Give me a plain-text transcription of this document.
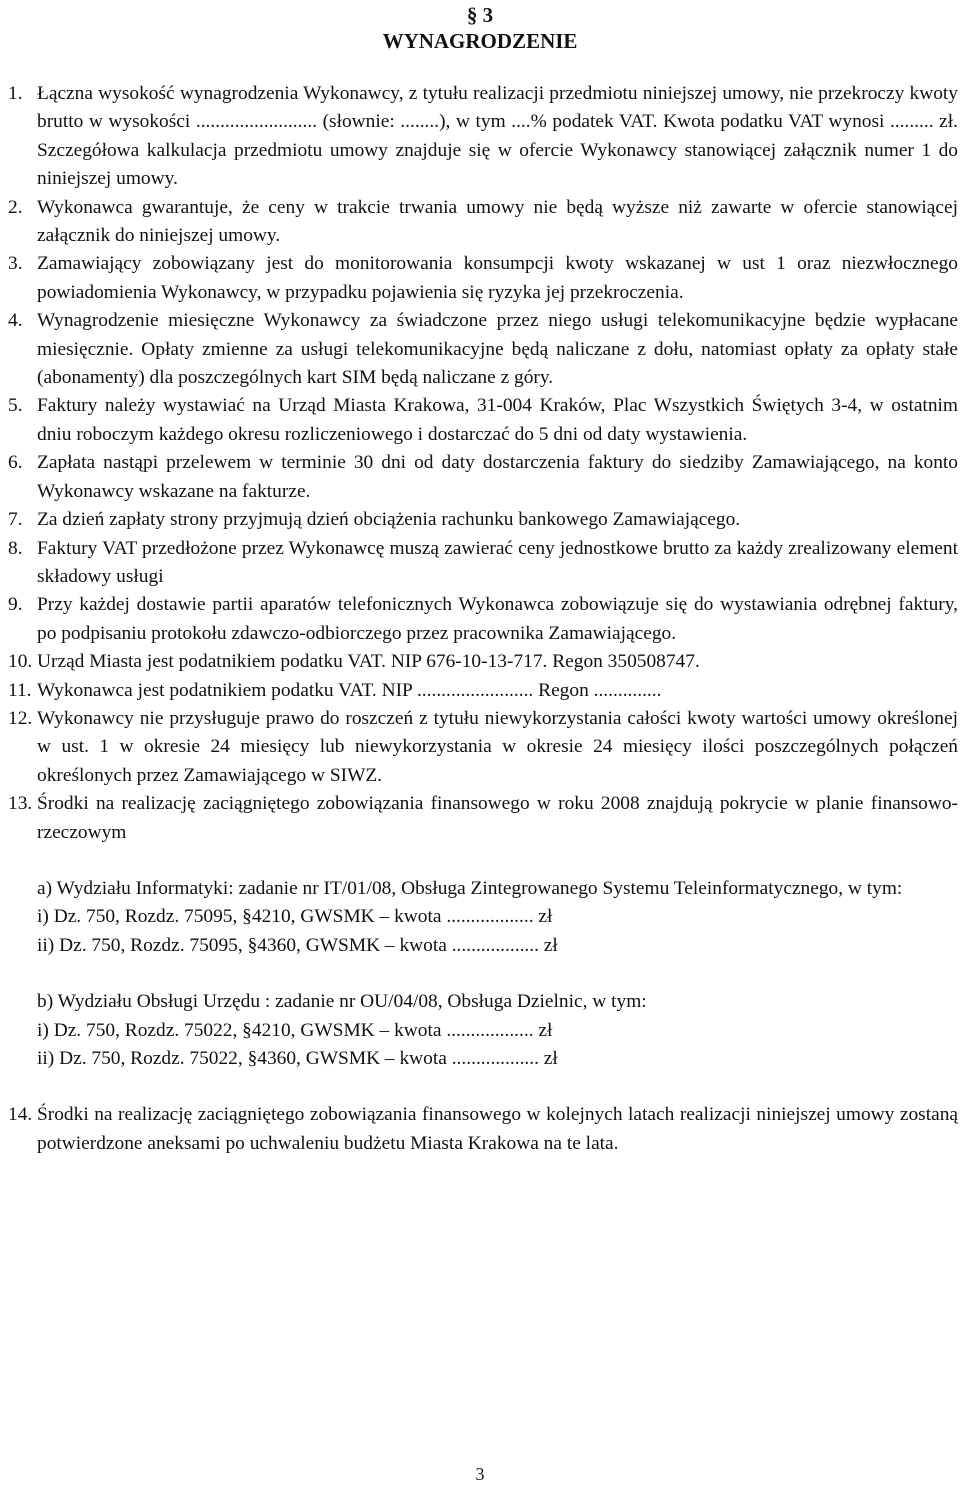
§ 3
WYNAGRODZENIE
1. Łączna wysokość wynagrodzenia Wykonawcy, z tytułu realizacji przedmiotu niniejszej umowy, nie przekroczy kwoty brutto w wysokości ......................... (słownie: ........), w tym ....% podatek VAT. Kwota podatku VAT wynosi ......... zł. Szczegółowa kalkulacja przedmiotu umowy znajduje się w ofercie Wykonawcy stanowiącej załącznik numer 1 do niniejszej umowy.
2. Wykonawca gwarantuje, że ceny w trakcie trwania umowy nie będą wyższe niż zawarte w ofercie stanowiącej załącznik do niniejszej umowy.
3. Zamawiający zobowiązany jest do monitorowania konsumpcji kwoty wskazanej w ust 1 oraz niezwłocznego powiadomienia Wykonawcy, w przypadku pojawienia się ryzyka jej przekroczenia.
4. Wynagrodzenie miesięczne Wykonawcy za świadczone przez niego usługi telekomunikacyjne będzie wypłacane miesięcznie. Opłaty zmienne za usługi telekomunikacyjne będą naliczane z dołu, natomiast opłaty za opłaty stałe (abonamenty) dla poszczególnych kart SIM będą naliczane z góry.
5. Faktury należy wystawiać na Urząd Miasta Krakowa, 31-004 Kraków, Plac Wszystkich Świętych 3-4, w ostatnim dniu roboczym każdego okresu rozliczeniowego i dostarczać do 5 dni od daty wystawienia.
6. Zapłata nastąpi przelewem w terminie 30 dni od daty dostarczenia faktury do siedziby Zamawiającego, na konto Wykonawcy wskazane na fakturze.
7. Za dzień zapłaty strony przyjmują dzień obciążenia rachunku bankowego Zamawiającego.
8. Faktury VAT przedłożone przez Wykonawcę muszą zawierać ceny jednostkowe brutto za każdy zrealizowany element składowy usługi
9. Przy każdej dostawie partii aparatów telefonicznych Wykonawca zobowiązuje się do wystawiania odrębnej faktury, po podpisaniu protokołu zdawczo-odbiorczego przez pracownika Zamawiającego.
10. Urząd Miasta jest podatnikiem podatku VAT. NIP 676-10-13-717. Regon 350508747.
11. Wykonawca jest podatnikiem podatku VAT. NIP ........................ Regon ..............
12. Wykonawcy nie przysługuje prawo do roszczeń z tytułu niewykorzystania całości kwoty wartości umowy określonej w ust. 1 w okresie 24 miesięcy lub niewykorzystania w okresie 24 miesięcy ilości poszczególnych połączeń określonych przez Zamawiającego w SIWZ.
13. Środki na realizację zaciągniętego zobowiązania finansowego w roku 2008 znajdują pokrycie w planie finansowo-rzeczowym
a) Wydziału Informatyki: zadanie nr IT/01/08, Obsługa Zintegrowanego Systemu Teleinformatycznego, w tym:
i) Dz. 750, Rozdz. 75095, §4210, GWSMK – kwota .................. zł
ii) Dz. 750, Rozdz. 75095, §4360, GWSMK – kwota .................. zł
b) Wydziału Obsługi Urzędu : zadanie nr OU/04/08, Obsługa Dzielnic, w tym:
i) Dz. 750, Rozdz. 75022, §4210, GWSMK – kwota .................. zł
ii) Dz. 750, Rozdz. 75022, §4360, GWSMK – kwota .................. zł
14. Środki na realizację zaciągniętego zobowiązania finansowego w kolejnych latach realizacji niniejszej umowy zostaną potwierdzone aneksami po uchwaleniu budżetu Miasta Krakowa na te lata.
3
